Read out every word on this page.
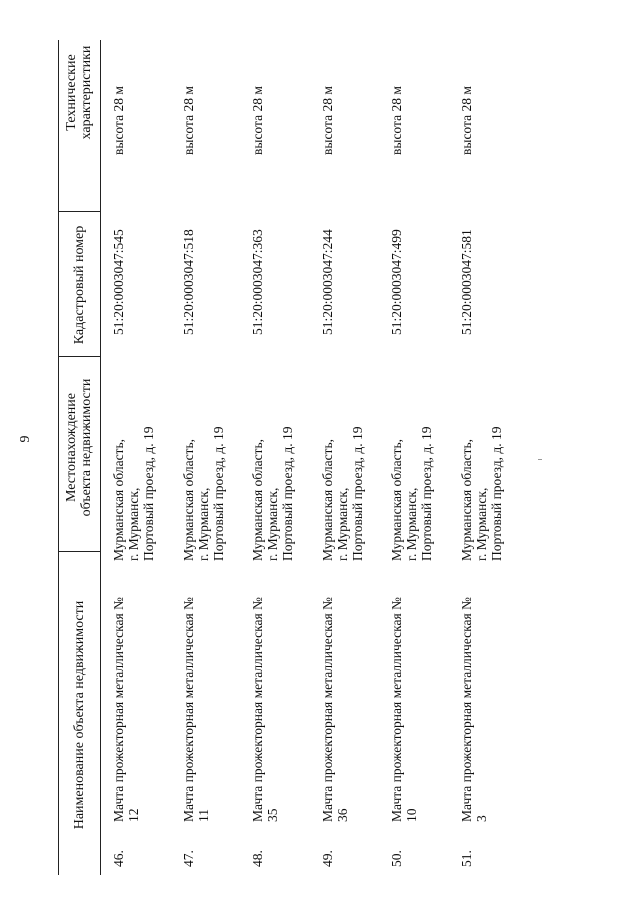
9
Наименование объекта недвижимости
Местонахождение объекта недвижимости
Кадастровый номер
Технические характеристики
46.
Мачта прожекторная металлическая № 12
Мурманская область, г. Мурманск, Портовый проезд, д. 19
51:20:0003047:545
высота 28 м
47.
Мачта прожекторная металлическая № 11
Мурманская область, г. Мурманск, Портовый проезд, д. 19
51:20:0003047:518
высота 28 м
48.
Мачта прожекторная металлическая № 35
Мурманская область, г. Мурманск, Портовый проезд, д. 19
51:20:0003047:363
высота 28 м
49.
Мачта прожекторная металлическая № 36
Мурманская область, г. Мурманск, Портовый проезд, д. 19
51:20:0003047:244
высота 28 м
50.
Мачта прожекторная металлическая № 10
Мурманская область, г. Мурманск, Портовый проезд, д. 19
51:20:0003047:499
высота 28 м
51.
Мачта прожекторная металлическая № 3
Мурманская область, г. Мурманск, Портовый проезд, д. 19
51:20:0003047:581
высота 28 м
